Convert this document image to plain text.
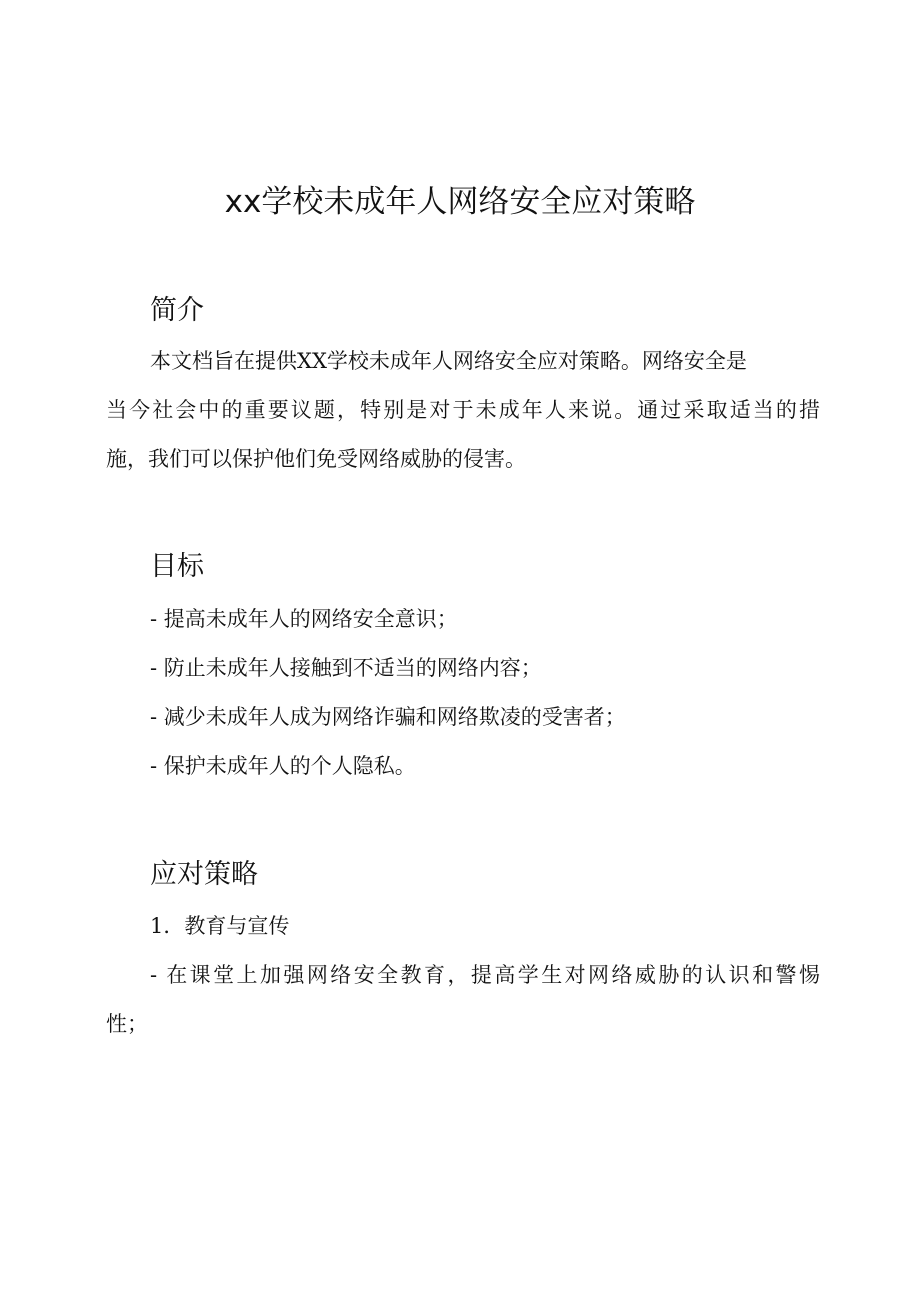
xx学校未成年人网络安全应对策略
简介

本文档旨在提供XX学校未成年人网络安全应对策略。网络安全是

当今社会中的重要议题，特别是对于未成年人来说。通过采取适当的措

施，我们可以保护他们免受网络威胁的侵害。

目标

- 提高未成年人的网络安全意识；

- 防止未成年人接触到不适当的网络内容；

- 减少未成年人成为网络诈骗和网络欺凌的受害者；

- 保护未成年人的个人隐私。

应对策略

1．教育与宣传

- 在课堂上加强网络安全教育，提高学生对网络威胁的认识和警惕

性；
